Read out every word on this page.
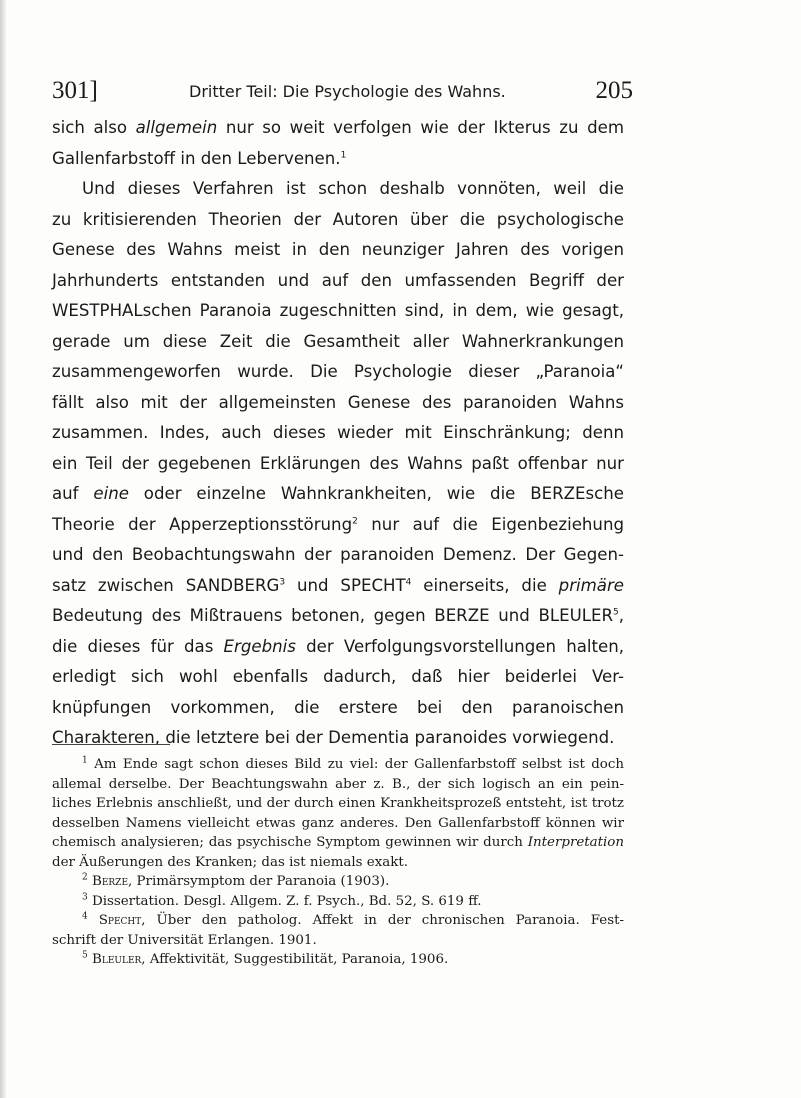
301]	Dritter Teil: Die Psychologie des Wahns.	205
sich also allgemein nur so weit verfolgen wie der Ikterus zu dem
Gallenfarbstoff in den Lebervenen.$^1$
Und dieses Verfahren ist schon deshalb vonnöten, weil die
zu kritisierenden Theorien der Autoren über die psychologische
Genese des Wahns meist in den neunziger Jahren des vorigen
Jahrhunderts entstanden und auf den umfassenden Begriff der
WESTPHALschen Paranoia zugeschnitten sind, in dem, wie gesagt,
gerade um diese Zeit die Gesamtheit aller Wahnerkrankungen
zusammengeworfen wurde. Die Psychologie dieser „Paranoia“
fällt also mit der allgemeinsten Genese des paranoiden Wahns
zusammen. Indes, auch dieses wieder mit Einschränkung; denn
ein Teil der gegebenen Erklärungen des Wahns paßt offenbar nur
auf eine oder einzelne Wahnkrankheiten, wie die BERZEsche
Theorie der Apperzeptionsstörung$^2$ nur auf die Eigenbeziehung
und den Beobachtungswahn der paranoiden Demenz. Der Gegen-
satz zwischen SANDBERG$^3$ und SPECHT$^4$ einerseits, die primäre
Bedeutung des Mißtrauens betonen, gegen BERZE und BLEULER$^5$,
die dieses für das Ergebnis der Verfolgungsvorstellungen halten,
erledigt sich wohl ebenfalls dadurch, daß hier beiderlei Ver-
knüpfungen vorkommen, die erstere bei den paranoischen
Charakteren, die letztere bei der Dementia paranoides vorwiegend.
$^1$ Am Ende sagt schon dieses Bild zu viel: der Gallenfarbstoff selbst ist doch
allemal derselbe. Der Beachtungswahn aber z. B., der sich logisch an ein pein-
liches Erlebnis anschließt, und der durch einen Krankheitsprozeß entsteht, ist trotz
desselben Namens vielleicht etwas ganz anderes. Den Gallenfarbstoff können wir
chemisch analysieren; das psychische Symptom gewinnen wir durch Interpretation
der Äußerungen des Kranken; das ist niemals exakt.
$^2$ Berze, Primärsymptom der Paranoia (1903).
$^3$ Dissertation. Desgl. Allgem. Z. f. Psych., Bd. 52, S. 619 ff.
$^4$ Specht, Über den patholog. Affekt in der chronischen Paranoia. Fest-
schrift der Universität Erlangen. 1901.
$^5$ Bleuler, Affektivität, Suggestibilität, Paranoia, 1906.
